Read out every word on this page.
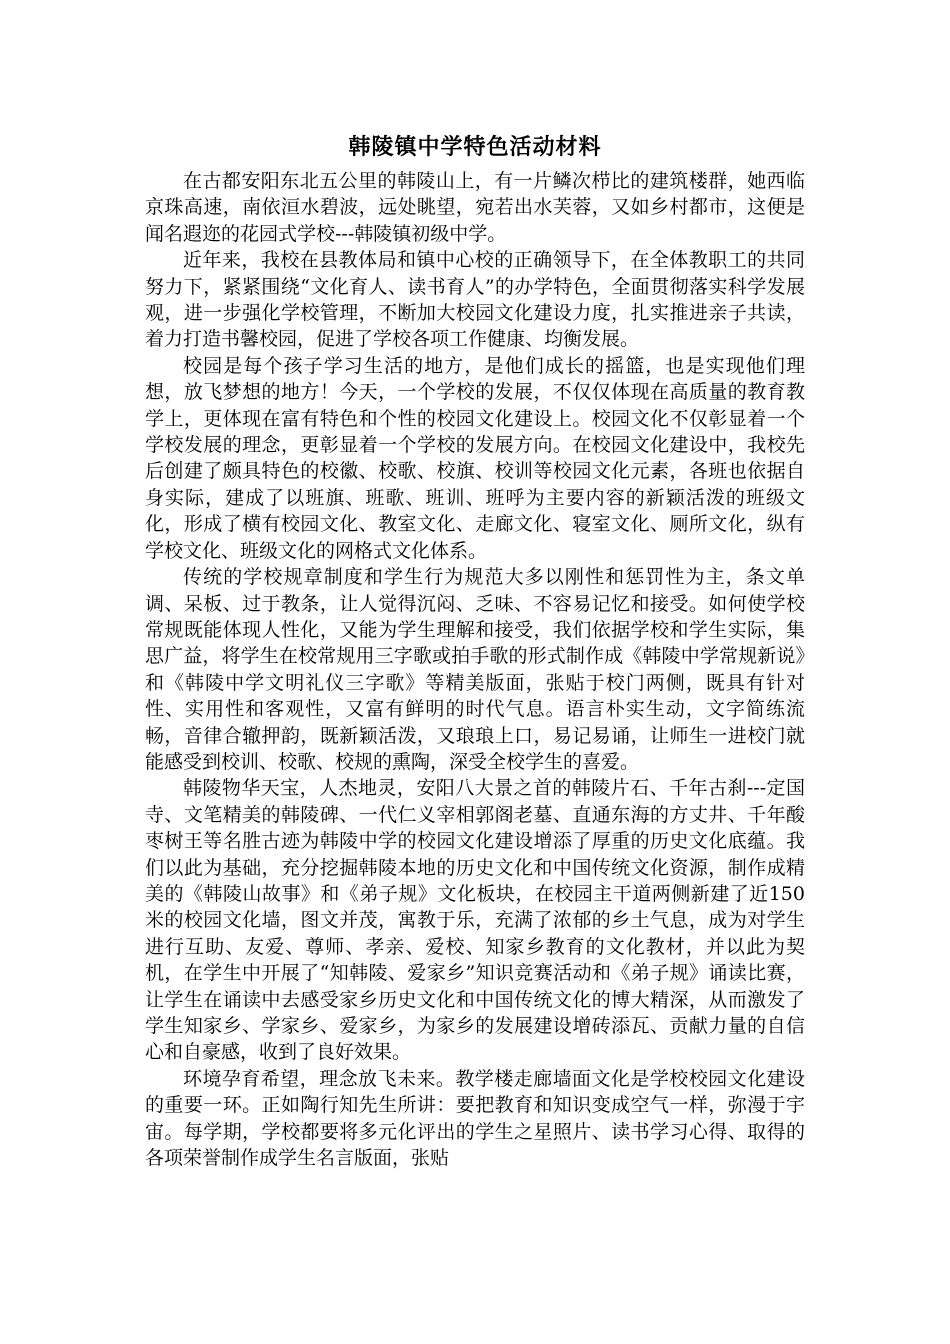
韩陵镇中学特色活动材料

在古都安阳东北五公里的韩陵山上，有一片鳞次栉比的建筑楼群，她西临京珠高速，南依洹水碧波，远处眺望，宛若出水芙蓉，又如乡村都市，这便是闻名遐迩的花园式学校---韩陵镇初级中学。

近年来，我校在县教体局和镇中心校的正确领导下，在全体教职工的共同努力下，紧紧围绕“文化育人、读书育人”的办学特色，全面贯彻落实科学发展观，进一步强化学校管理，不断加大校园文化建设力度，扎实推进亲子共读，着力打造书馨校园，促进了学校各项工作健康、均衡发展。

校园是每个孩子学习生活的地方，是他们成长的摇篮，也是实现他们理想，放飞梦想的地方！今天，一个学校的发展，不仅仅体现在高质量的教育教学上，更体现在富有特色和个性的校园文化建设上。校园文化不仅彰显着一个学校发展的理念，更彰显着一个学校的发展方向。在校园文化建设中，我校先后创建了颇具特色的校徽、校歌、校旗、校训等校园文化元素，各班也依据自身实际，建成了以班旗、班歌、班训、班呼为主要内容的新颖活泼的班级文化，形成了横有校园文化、教室文化、走廊文化、寝室文化、厕所文化，纵有学校文化、班级文化的网格式文化体系。

传统的学校规章制度和学生行为规范大多以刚性和惩罚性为主，条文单调、呆板、过于教条，让人觉得沉闷、乏味、不容易记忆和接受。如何使学校常规既能体现人性化，又能为学生理解和接受，我们依据学校和学生实际，集思广益，将学生在校常规用三字歌或拍手歌的形式制作成《韩陵中学常规新说》和《韩陵中学文明礼仪三字歌》等精美版面，张贴于校门两侧，既具有针对性、实用性和客观性，又富有鲜明的时代气息。语言朴实生动，文字简练流畅，音律合辙押韵，既新颖活泼，又琅琅上口，易记易诵，让师生一进校门就能感受到校训、校歌、校规的熏陶，深受全校学生的喜爱。

韩陵物华天宝，人杰地灵，安阳八大景之首的韩陵片石、千年古刹---定国寺、文笔精美的韩陵碑、一代仁义宰相郭阁老墓、直通东海的方丈井、千年酸枣树王等名胜古迹为韩陵中学的校园文化建设增添了厚重的历史文化底蕴。我们以此为基础，充分挖掘韩陵本地的历史文化和中国传统文化资源，制作成精美的《韩陵山故事》和《弟子规》文化板块，在校园主干道两侧新建了近150米的校园文化墙，图文并茂，寓教于乐，充满了浓郁的乡土气息，成为对学生进行互助、友爱、尊师、孝亲、爱校、知家乡教育的文化教材，并以此为契机，在学生中开展了“知韩陵、爱家乡”知识竞赛活动和《弟子规》诵读比赛，让学生在诵读中去感受家乡历史文化和中国传统文化的博大精深，从而激发了学生知家乡、学家乡、爱家乡，为家乡的发展建设增砖添瓦、贡献力量的自信心和自豪感，收到了良好效果。

环境孕育希望，理念放飞未来。教学楼走廊墙面文化是学校校园文化建设的重要一环。正如陶行知先生所讲：要把教育和知识变成空气一样，弥漫于宇宙。每学期，学校都要将多元化评出的学生之星照片、读书学习心得、取得的各项荣誉制作成学生名言版面，张贴
